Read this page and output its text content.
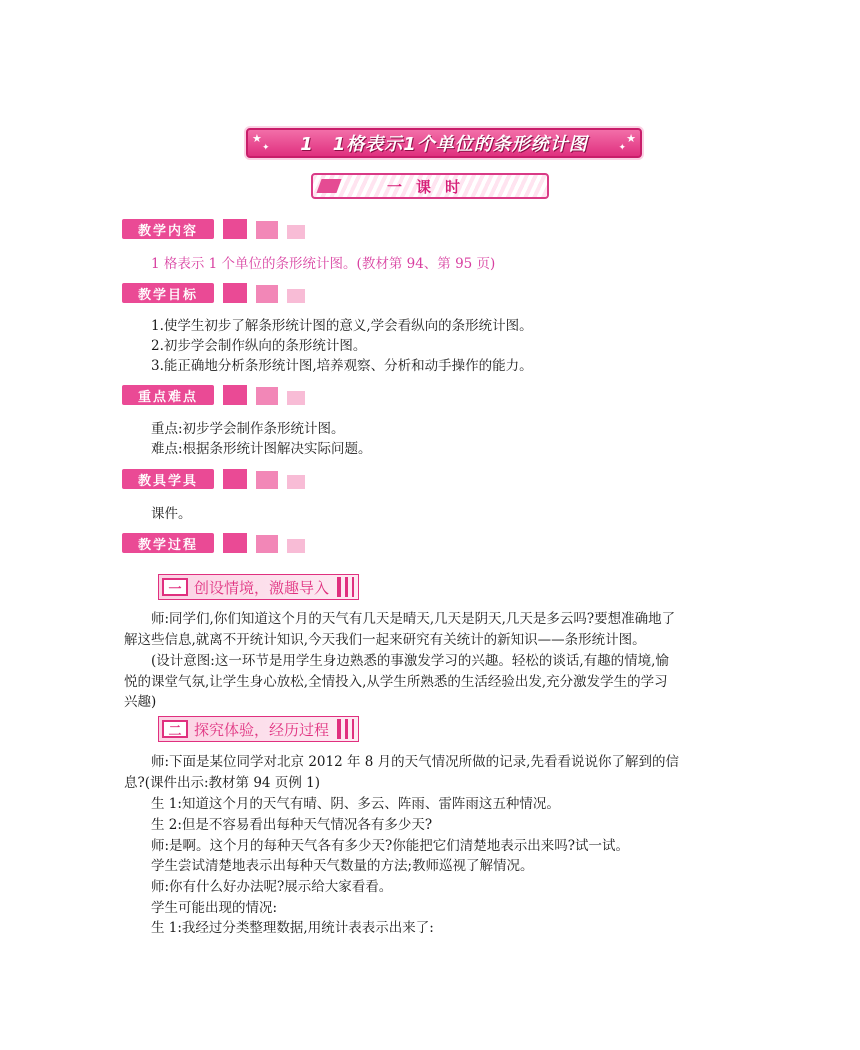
★
✦ 1　1格表示1个单位的条形统计图	★
✦
一课时
教学内容
1 格表示 1 个单位的条形统计图。(教材第 94、第 95 页)
教学目标
1.使学生初步了解条形统计图的意义,学会看纵向的条形统计图。
2.初步学会制作纵向的条形统计图。
3.能正确地分析条形统计图,培养观察、分析和动手操作的能力。
重点难点
重点:初步学会制作条形统计图。
难点:根据条形统计图解决实际问题。
教具学具
课件。
教学过程
一 创设情境，激趣导入
师:同学们,你们知道这个月的天气有几天是晴天,几天是阴天,几天是多云吗?要想准确地了
解这些信息,就离不开统计知识,今天我们一起来研究有关统计的新知识——条形统计图。
(设计意图:这一环节是用学生身边熟悉的事激发学习的兴趣。轻松的谈话,有趣的情境,愉
悦的课堂气氛,让学生身心放松,全情投入,从学生所熟悉的生活经验出发,充分激发学生的学习
兴趣)
二 探究体验，经历过程
师:下面是某位同学对北京 2012 年 8 月的天气情况所做的记录,先看看说说你了解到的信
息?(课件出示:教材第 94 页例 1)
生 1:知道这个月的天气有晴、阴、多云、阵雨、雷阵雨这五种情况。
生 2:但是不容易看出每种天气情况各有多少天?
师:是啊。这个月的每种天气各有多少天?你能把它们清楚地表示出来吗?试一试。
学生尝试清楚地表示出每种天气数量的方法;教师巡视了解情况。
师:你有什么好办法呢?展示给大家看看。
学生可能出现的情况:
生 1:我经过分类整理数据,用统计表表示出来了:
